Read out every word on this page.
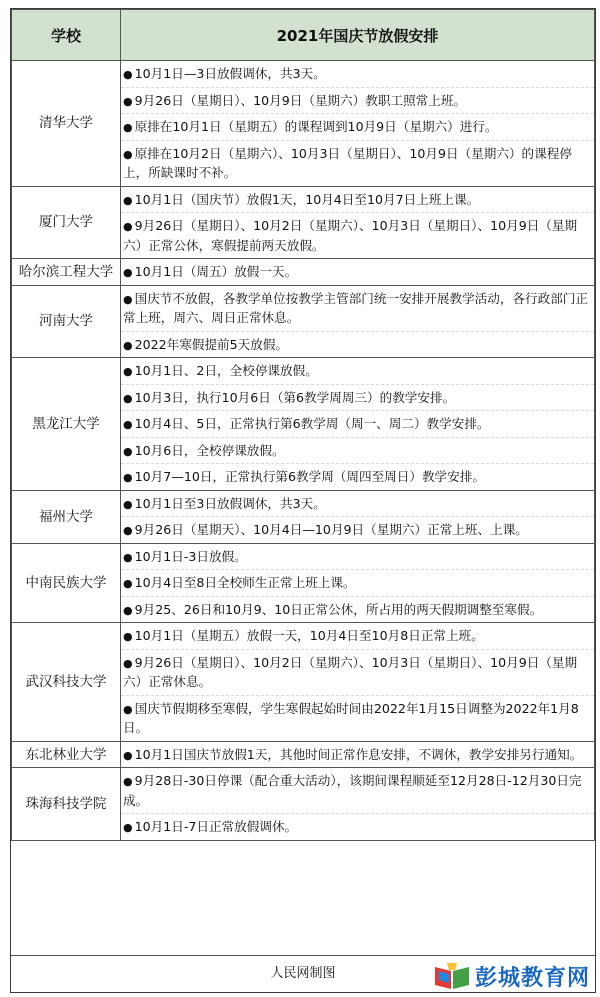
学校	2021年国庆节放假安排
清华大学	● 10月1日—3日放假调休，共3天。
● 9月26日（星期日）、10月9日（星期六）教职工照常上班。
● 原排在10月1日（星期五）的课程调到10月9日（星期六）进行。
● 原排在10月2日（星期六）、10月3日（星期日）、10月9日（星期六）的课程停上，所缺课时不补。

厦门大学	● 10月1日（国庆节）放假1天，10月4日至10月7日上班上课。
● 9月26日（星期日）、10月2日（星期六）、10月3日（星期日）、10月9日（星期六）正常公休，寒假提前两天放假。

哈尔滨工程大学	● 10月1日（周五）放假一天。

河南大学	● 国庆节不放假，各教学单位按教学主管部门统一安排开展教学活动，各行政部门正常上班，周六、周日正常休息。
● 2022年寒假提前5天放假。

黑龙江大学	● 10月1日、2日，全校停课放假。
● 10月3日，执行10月6日（第6教学周周三）的教学安排。
● 10月4日、5日，正常执行第6教学周（周一、周二）教学安排。
● 10月6日，全校停课放假。
● 10月7—10日，正常执行第6教学周（周四至周日）教学安排。

福州大学	● 10月1日至3日放假调休，共3天。
● 9月26日（星期天）、10月4日—10月9日（星期六）正常上班、上课。

中南民族大学	● 10月1日-3日放假。
● 10月4日至8日全校师生正常上班上课。
● 9月25、26日和10月9、10日正常公休，所占用的两天假期调整至寒假。

武汉科技大学	● 10月1日（星期五）放假一天，10月4日至10月8日正常上班。
● 9月26日（星期日）、10月2日（星期六）、10月3日（星期日）、10月9日（星期六）正常休息。
● 国庆节假期移至寒假，学生寒假起始时间由2022年1月15日调整为2022年1月8日。

东北林业大学	● 10月1日国庆节放假1天，其他时间正常作息安排，不调休，教学安排另行通知。

珠海科技学院	● 9月28日-30日停课（配合重大活动），该期间课程顺延至12月28日-12月30日完成。
● 10月1日-7日正常放假调休。
人民网制图	彭城教育网
